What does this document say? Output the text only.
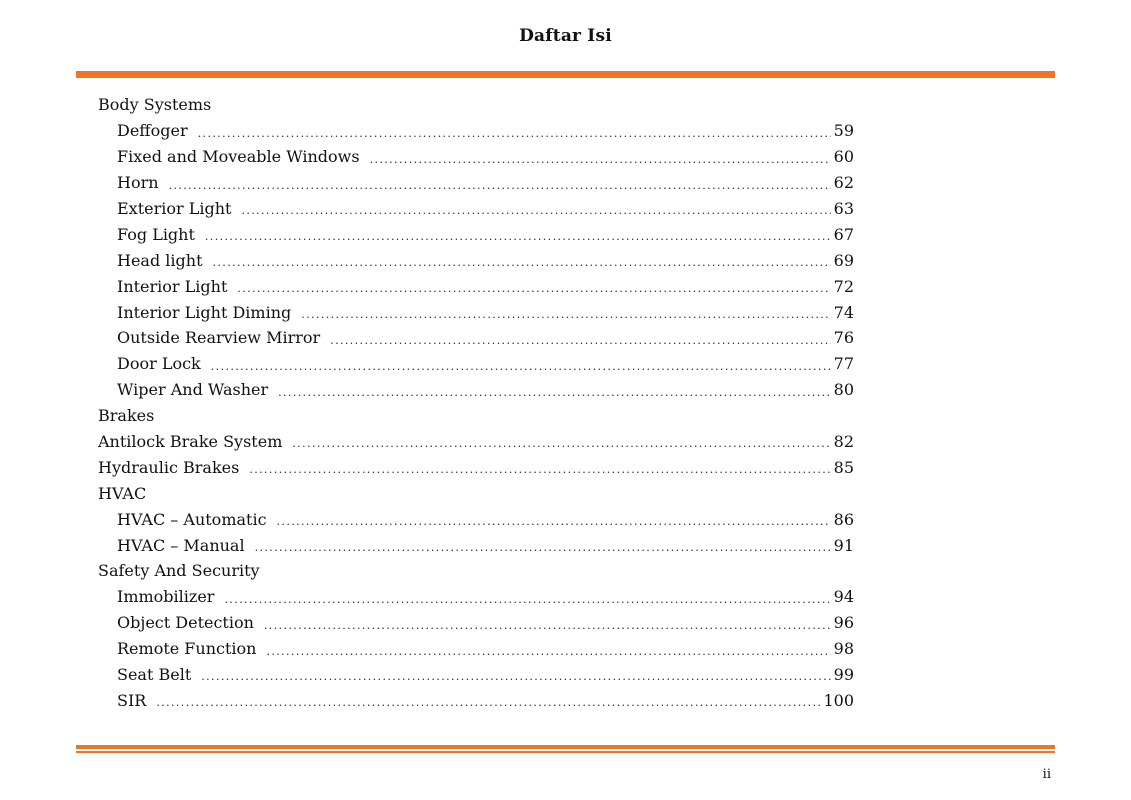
Daftar Isi
Body Systems
Deffoger .....	59
Fixed and Moveable Windows .....	60
Horn .....	62
Exterior Light .....	63
Fog Light .....	67
Head light .....	69
Interior Light .....	72
Interior Light Diming .....	74
Outside Rearview Mirror .....	76
Door Lock .....	77
Wiper And Washer .....	80
Brakes
Antilock Brake System .....	82
Hydraulic Brakes .....	85
HVAC
HVAC – Automatic .....	86
HVAC – Manual .....	91
Safety And Security
Immobilizer .....	94
Object Detection .....	96
Remote Function .....	98
Seat Belt .....	99
SIR .....	100
ii
